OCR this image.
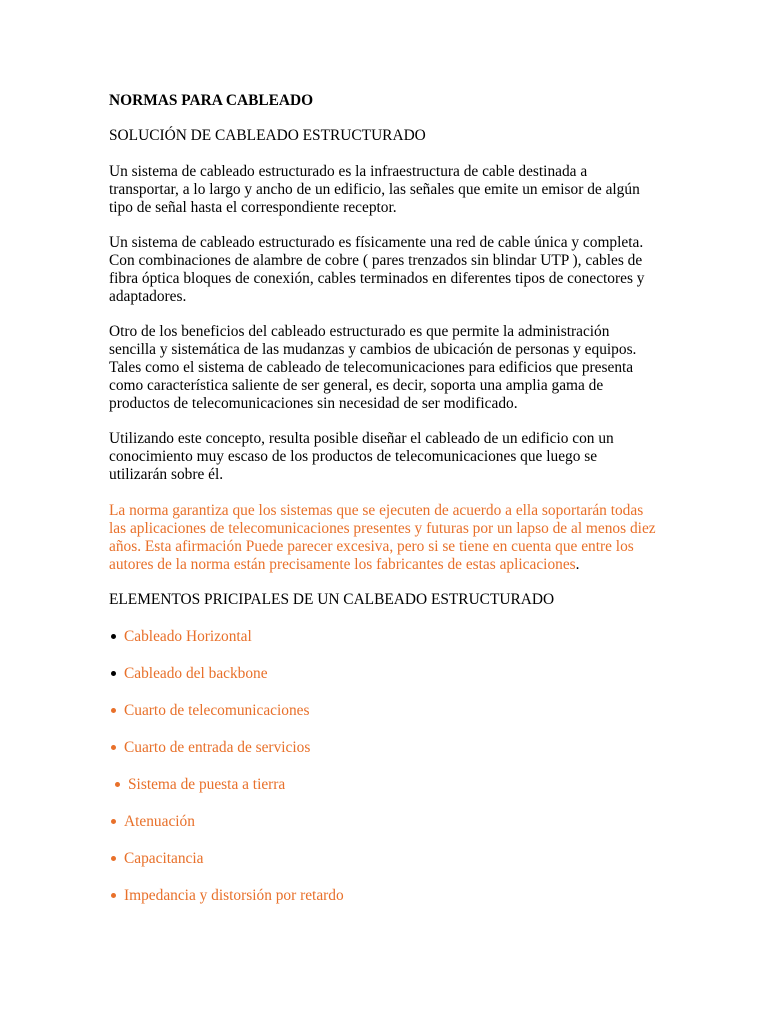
NORMAS PARA CABLEADO

SOLUCIÓN DE CABLEADO ESTRUCTURADO

Un sistema de cableado estructurado es la infraestructura de cable destinada a transportar, a lo largo y ancho de un edificio, las señales que emite un emisor de algún tipo de señal hasta el correspondiente receptor.

Un sistema de cableado estructurado es físicamente una red de cable única y completa. Con combinaciones de alambre de cobre ( pares trenzados sin blindar UTP ), cables de fibra óptica bloques de conexión, cables terminados en diferentes tipos de conectores y adaptadores.

Otro de los beneficios del cableado estructurado es que permite la administración sencilla y sistemática de las mudanzas y cambios de ubicación de personas y equipos. Tales como el sistema de cableado de telecomunicaciones para edificios que presenta como característica saliente de ser general, es decir, soporta una amplia gama de productos de telecomunicaciones sin necesidad de ser modificado.

Utilizando este concepto, resulta posible diseñar el cableado de un edificio con un conocimiento muy escaso de los productos de telecomunicaciones que luego se utilizarán sobre él.

La norma garantiza que los sistemas que se ejecuten de acuerdo a ella soportarán todas las aplicaciones de telecomunicaciones presentes y futuras por un lapso de al menos diez años. Esta afirmación Puede parecer excesiva, pero si se tiene en cuenta que entre los autores de la norma están precisamente los fabricantes de estas aplicaciones.

ELEMENTOS PRICIPALES DE UN CALBEADO ESTRUCTURADO

Cableado Horizontal
Cableado del backbone
Cuarto de telecomunicaciones
Cuarto de entrada de servicios
Sistema de puesta a tierra
Atenuación
Capacitancia
Impedancia y distorsión por retardo
